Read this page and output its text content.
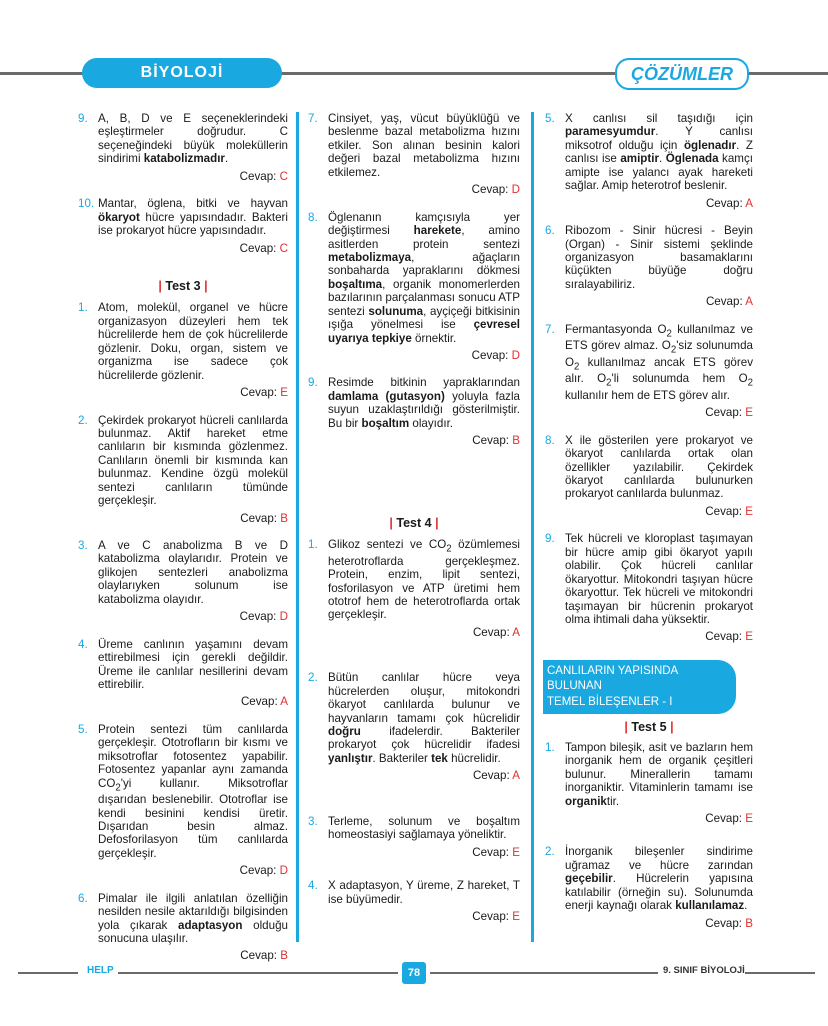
BİYOLOJİ	ÇÖZÜMLER
9. A, B, D ve E seçeneklerindeki eşleştirmeler doğrudur. C seçeneğindeki büyük moleküllerin sindirimi katabolizmadır.
Cevap: C
10. Mantar, öglena, bitki ve hayvan ökaryot hücre yapısındadır. Bakteri ise prokaryot hücre yapısındadır.
Cevap: C
| Test 3 |
1. Atom, molekül, organel ve hücre organizasyon düzeyleri hem tek hücrelilerde hem de çok hücrelilerde gözlenir. Doku, organ, sistem ve organizma ise sadece çok hücrelilerde gözlenir.
Cevap: E
2. Çekirdek prokaryot hücreli canlılarda bulunmaz. Aktif hareket etme canlıların bir kısmında gözlenmez. Canlıların önemli bir kısmında kan bulunmaz. Kendine özgü molekül sentezi canlıların tümünde gerçekleşir.
Cevap: B
3. A ve C anabolizma B ve D katabolizma olaylarıdır. Protein ve glikojen sentezleri anabolizma olaylarıyken solunum ise katabolizma olayıdır.
Cevap: D
4. Üreme canlının yaşamını devam ettirebilmesi için gerekli değildir. Üreme ile canlılar nesillerini devam ettirebilir.
Cevap: A
5. Protein sentezi tüm canlılarda gerçekleşir. Ototrofların bir kısmı ve miksotroflar fotosentez yapabilir. Fotosentez yapanlar aynı zamanda $CO_2'yi$ kullanır. Miksotroflar dışarıdan beslenebilir. Ototroflar ise kendi besinini kendisi üretir. Dışarıdan besin almaz. Defosforilasyon tüm canlılarda gerçekleşir.
Cevap: D
6. Pimalar ile ilgili anlatılan özelliğin nesilden nesile aktarıldığı bilgisinden yola çıkarak adaptasyon olduğu sonucuna ulaşılır.
Cevap: B
7. Cinsiyet, yaş, vücut büyüklüğü ve beslenme bazal metabolizma hızını etkiler. Son alınan besinin kalori değeri bazal metabolizma hızını etkilemez.
Cevap: D
8. Öglenanın kamçısıyla yer değiştirmesi harekete, amino asitlerden protein sentezi metabolizmaya, ağaçların sonbaharda yapraklarını dökmesi boşaltıma, organik monomerlerden bazılarının parçalanması sonucu ATP sentezi solunuma, ayçiçeği bitkisinin ışığa yönelmesi ise çevresel uyarıya tepkiye örnektir.
Cevap: D
9. Resimde bitkinin yapraklarından damlama (gutasyon) yoluyla fazla suyun uzaklaştırıldığı gösterilmiştir. Bu bir boşaltım olayıdır.
Cevap: B
| Test 4 |
1. Glikoz sentezi ve $CO_2$ özümlemesi heterotroflarda gerçekleşmez. Protein, enzim, lipit sentezi, fosforilasyon ve ATP üretimi hem ototrof hem de heterotroflarda ortak gerçekleşir.
Cevap: A
2. Bütün canlılar hücre veya hücrelerden oluşur, mitokondri ökaryot canlılarda bulunur ve hayvanların tamamı çok hücrelidir doğru ifadelerdir. Bakteriler prokaryot çok hücrelidir ifadesi yanlıştır. Bakteriler tek hücrelidir.
Cevap: A
3. Terleme, solunum ve boşaltım homeostasiyi sağlamaya yöneliktir.
Cevap: E
4. X adaptasyon, Y üreme, Z hareket, T ise büyümedir.
Cevap: E
5. X canlısı sil taşıdığı için paramesyumdur. Y canlısı miksotrof olduğu için öglenadır. Z canlısı ise amiptir. Öglenada kamçı amipte ise yalancı ayak hareketi sağlar. Amip heterotrof beslenir.
Cevap: A
6. Ribozom - Sinir hücresi - Beyin (Organ) - Sinir sistemi şeklinde organizasyon basamaklarını küçükten büyüğe doğru sıralayabiliriz.
Cevap: A
7. Fermantasyonda $O_2$ kullanılmaz ve ETS görev almaz. $O_2'siz$ solunumda $O_2$ kullanılmaz ancak ETS görev alır. $O_2'li$ solunumda hem $O_2$ kullanılır hem de ETS görev alır.
Cevap: E
8. X ile gösterilen yere prokaryot ve ökaryot canlılarda ortak olan özellikler yazılabilir. Çekirdek ökaryot canlılarda bulunurken prokaryot canlılarda bulunmaz.
Cevap: E
9. Tek hücreli ve kloroplast taşımayan bir hücre amip gibi ökaryot yapılı olabilir. Çok hücreli canlılar ökaryottur. Mitokondri taşıyan hücre ökaryottur. Tek hücreli ve mitokondri taşımayan bir hücrenin prokaryot olma ihtimali daha yüksektir.
Cevap: E
CANLILARIN YAPISINDA BULUNAN
TEMEL BİLEŞENLER - I
| Test 5 |
1. Tampon bileşik, asit ve bazların hem inorganik hem de organik çeşitleri bulunur. Minerallerin tamamı inorganiktir. Vitaminlerin tamamı ise organiktir.
Cevap: E
2. İnorganik bileşenler sindirime uğramaz ve hücre zarından geçebilir. Hücrelerin yapısına katılabilir (örneğin su). Solunumda enerji kaynağı olarak kullanılamaz.
Cevap: B
HELP	78	9. SINIF BİYOLOJİ
